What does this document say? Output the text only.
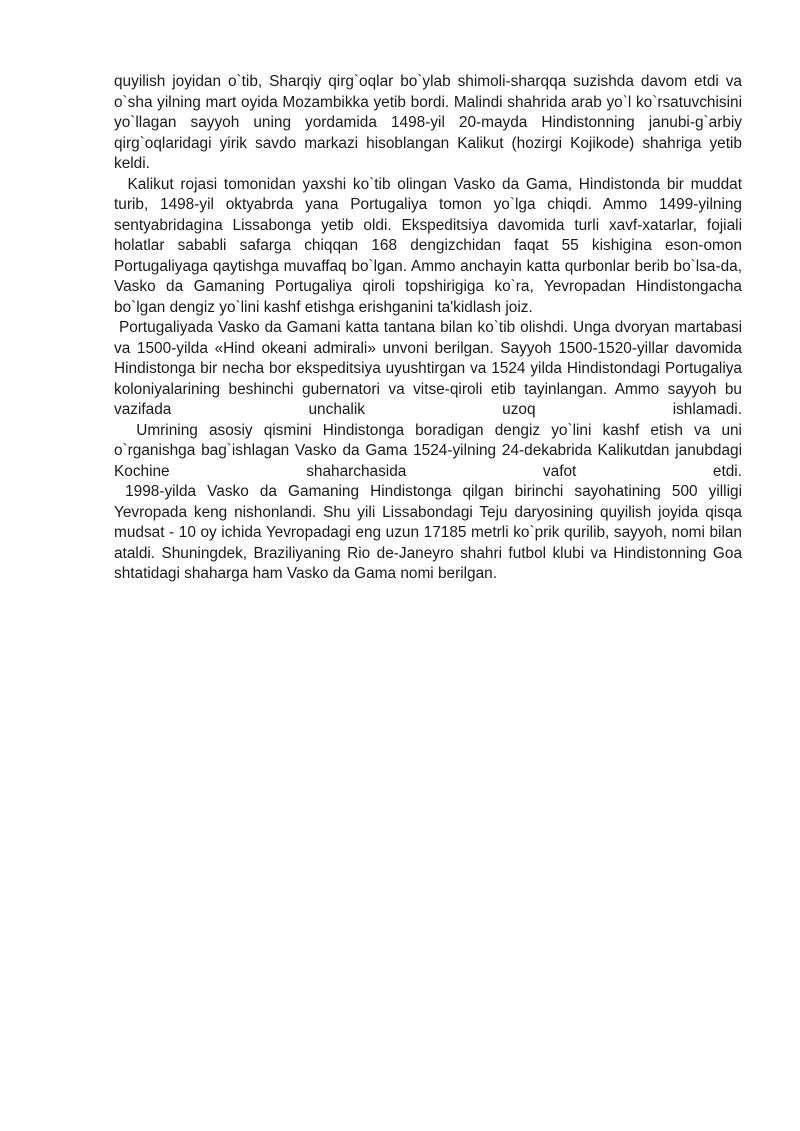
quyilish joyidan o`tib, Sharqiy qirg`oqlar bo`ylab shimoli-sharqqa suzishda davom etdi va o`sha yilning mart oyida Mozambikka yetib bordi. Malindi shahrida arab yo`l ko`rsatuvchisini yo`llagan sayyoh uning yordamida 1498-yil 20-mayda Hindistonning janubi-g`arbiy qirg`oqlaridagi yirik savdo markazi hisoblangan Kalikut (hozirgi Kojikode) shahriga yetib keldi.

Kalikut rojasi tomonidan yaxshi ko`tib olingan Vasko da Gama, Hindistonda bir muddat turib, 1498-yil oktyabrda yana Portugaliya tomon yo`lga chiqdi. Ammo 1499-yilning sentyabridagina Lissabonga yetib oldi. Ekspeditsiya davomida turli xavf-xatarlar, fojiali holatlar sababli safarga chiqqan 168 dengizchidan faqat 55 kishigina eson-omon Portugaliyaga qaytishga muvaffaq bo`lgan. Ammo anchayin katta qurbonlar berib bo`lsa-da, Vasko da Gamaning Portugaliya qiroli topshirigiga ko`ra, Yevropadan Hindistongacha bo`lgan dengiz yo`lini kashf etishga erishganini ta'kidlash joiz.

Portugaliyada Vasko da Gamani katta tantana bilan ko`tib olishdi. Unga dvoryan martabasi va 1500-yilda «Hind okeani admirali» unvoni berilgan. Sayyoh 1500-1520-yillar davomida Hindistonga bir necha bor ekspeditsiya uyushtirgan va 1524 yilda Hindistondagi Portugaliya koloniyalarining beshinchi gubernatori va vitse-qiroli etib tayinlangan. Ammo sayyoh bu vazifada unchalik uzoq ishlamadi.

Umrining asosiy qismini Hindistonga boradigan dengiz yo`lini kashf etish va uni o`rganishga bag`ishlagan Vasko da Gama 1524-yilning 24-dekabrida Kalikutdan janubdagi Kochine shaharchasida vafot etdi.

1998-yilda Vasko da Gamaning Hindistonga qilgan birinchi sayohatining 500 yilligi Yevropada keng nishonlandi. Shu yili Lissabondagi Teju daryosining quyilish joyida qisqa mudsat - 10 oy ichida Yevropadagi eng uzun 17185 metrli ko`prik qurilib, sayyoh, nomi bilan ataldi. Shuningdek, Braziliyaning Rio de-Janeyro shahri futbol klubi va Hindistonning Goa shtatidagi shaharga ham Vasko da Gama nomi berilgan.
